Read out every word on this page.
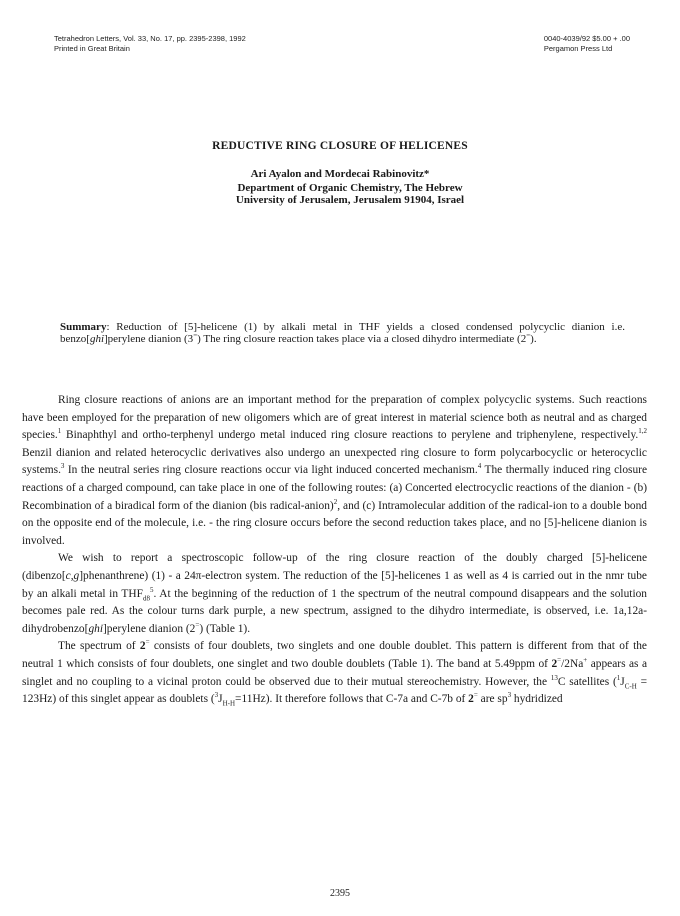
Tetrahedron Letters, Vol. 33, No. 17, pp. 2395-2398, 1992
Printed in Great Britain
0040-4039/92 $5.00 + .00
Pergamon Press Ltd
REDUCTIVE RING CLOSURE OF HELICENES
Ari Ayalon and Mordecai Rabinovitz*
Department of Organic Chemistry, The Hebrew
University of Jerusalem, Jerusalem 91904, Israel
Summary: Reduction of [5]-helicene (1) by alkali metal in THF yields a closed condensed polycyclic dianion i.e. benzo[ghi]perylene dianion (3=) The ring closure reaction takes place via a closed dihydro intermediate (2=).

Ring closure reactions of anions are an important method for the preparation of complex polycyclic systems. Such reactions have been employed for the preparation of new oligomers which are of great interest in material science both as neutral and as charged species.$^1$ Binaphthyl and ortho-terphenyl undergo metal induced ring closure reactions to perylene and triphenylene, respectively.$^{1,2}$ Benzil dianion and related heterocyclic derivatives also undergo an unexpected ring closure to form polycarbocyclic or heterocyclic systems.$^3$ In the neutral series ring closure reactions occur via light induced concerted mechanism.$^4$ The thermally induced ring closure reactions of a charged compound, can take place in one of the following routes: (a) Concerted electrocyclic reactions of the dianion - (b) Recombination of a biradical form of the dianion (bis radical-anion)$^2$, and (c) Intramolecular addition of the radical-ion to a double bond on the opposite end of the molecule, i.e. - the ring closure occurs before the second reduction takes place, and no [5]-helicene dianion is involved.

We wish to report a spectroscopic follow-up of the ring closure reaction of the doubly charged [5]-helicene (dibenzo[c,g]phenanthrene) (1) - a 24π-electron system. The reduction of the [5]-helicenes 1 as well as 4 is carried out in the nmr tube by an alkali metal in $THF_{d8}^5$. At the beginning of the reduction of 1 the spectrum of the neutral compound disappears and the solution becomes pale red. As the colour turns dark purple, a new spectrum, assigned to the dihydro intermediate, is observed, i.e. 1a,12a-dihydrobenzo[ghi]perylene dianion (2=) (Table 1).

The spectrum of 2= consists of four doublets, two singlets and one double doublet. This pattern is different from that of the neutral 1 which consists of four doublets, one singlet and two double doublets (Table 1). The band at 5.49ppm of 2=/2Na+ appears as a singlet and no coupling to a vicinal proton could be observed due to their mutual stereochemistry. However, the $^{13}$C satellites $(^1J_{C-H} = 123Hz)$ of this singlet appear as doublets $(^3J_{H-H}=11Hz)$. It therefore follows that C-7a and C-7b of 2= are $sp^3$ hydridized

2395
